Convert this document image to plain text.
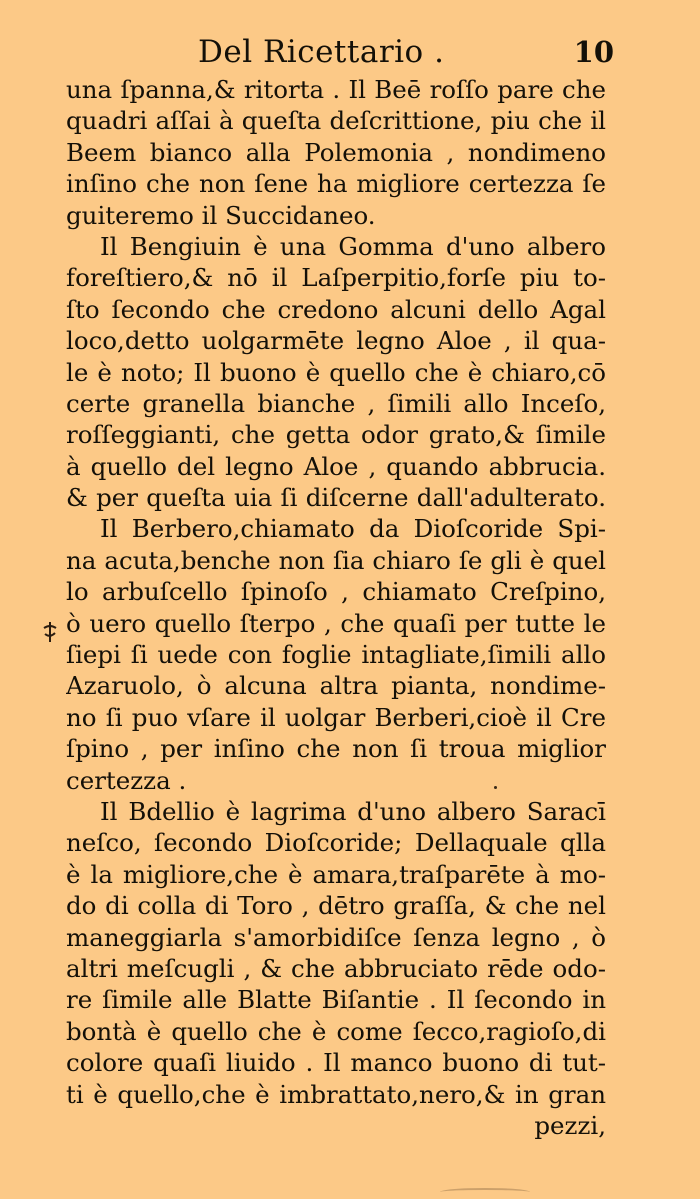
Del Ricettario .	10
una ſpanna,& ritorta . Il Beē roſſo pare che
quadri aſſai à queſta deſcrittione, piu che il
Beem bianco alla Polemonia , nondimeno
inſino che non ſene ha migliore certezza ſe
guiteremo il Succidaneo.
Il Bengiuin è una Gomma d'uno albero
foreſtiero,& nō il Laſperpitio,forſe piu to-
ſto ſecondo che credono alcuni dello Agal
loco,detto uolgarmēte legno Aloe , il qua-
le è noto; Il buono è quello che è chiaro,cō
certe granella bianche , ſimili allo Inceſo,
roſſeggianti, che getta odor grato,& ſimile
à quello del legno Aloe , quando abbrucia.
& per queſta uia ſi diſcerne dall'adulterato.
Il Berbero,chiamato da Dioſcoride Spi-
na acuta,benche non ſia chiaro ſe gli è quel
lo arbuſcello ſpinoſo , chiamato Creſpino,
ò uero quello ſterpo , che quaſi per tutte le
ſiepi ſi uede con foglie intagliate,ſimili allo
Azaruolo, ò alcuna altra pianta, nondime-
no ſi puo vſare il uolgar Berberi,cioè il Cre
ſpino , per inſino che non ſi troua miglior
certezza .
Il Bdellio è lagrima d'uno albero Saracī
neſco, ſecondo Dioſcoride; Dellaquale qlla
è la migliore,che è amara,traſparēte à mo-
do di colla di Toro , dētro graſſa, & che nel
maneggiarla s'amorbidiſce ſenza legno , ò
altri meſcugli , & che abbruciato rēde odo-
re ſimile alle Blatte Biſantie . Il ſecondo in
bontà è quello che è come ſecco,ragioſo,di
colore quaſi liuido . Il manco buono di tut-
ti è quello,che è imbrattato,nero,& in gran
pezzi,
